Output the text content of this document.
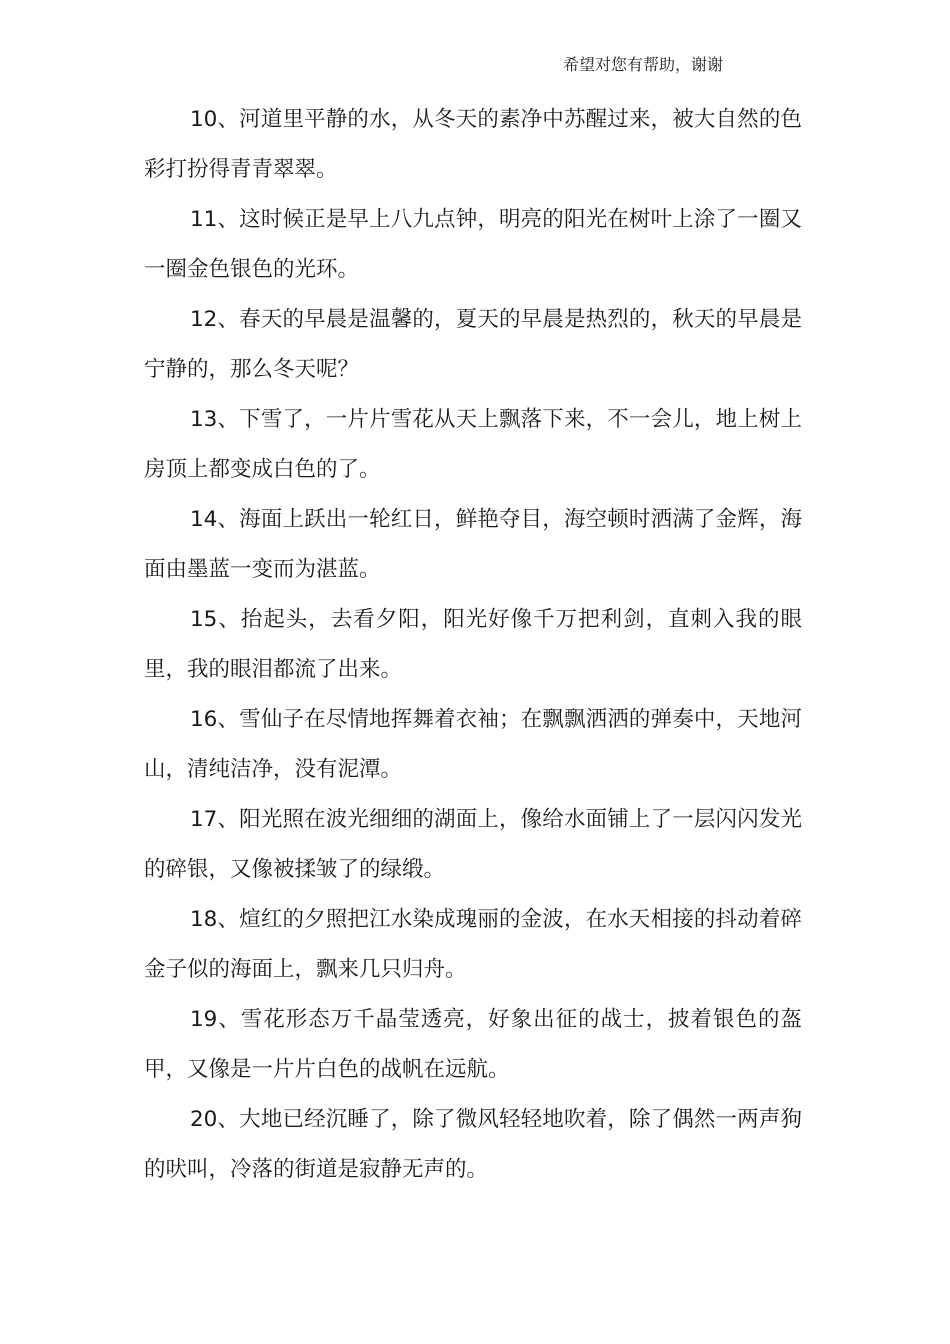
希望对您有帮助，谢谢

10、河道里平静的水，从冬天的素净中苏醒过来，被大自然的色彩打扮得青青翠翠。

11、这时候正是早上八九点钟，明亮的阳光在树叶上涂了一圈又一圈金色银色的光环。

12、春天的早晨是温馨的，夏天的早晨是热烈的，秋天的早晨是宁静的，那么冬天呢？

13、下雪了，一片片雪花从天上飘落下来，不一会儿，地上树上房顶上都变成白色的了。

14、海面上跃出一轮红日，鲜艳夺目，海空顿时洒满了金辉，海面由墨蓝一变而为湛蓝。

15、抬起头，去看夕阳，阳光好像千万把利剑，直刺入我的眼里，我的眼泪都流了出来。

16、雪仙子在尽情地挥舞着衣袖；在飘飘洒洒的弹奏中，天地河山，清纯洁净，没有泥潭。

17、阳光照在波光细细的湖面上，像给水面铺上了一层闪闪发光的碎银，又像被揉皱了的绿缎。

18、煊红的夕照把江水染成瑰丽的金波，在水天相接的抖动着碎金子似的海面上，飘来几只归舟。

19、雪花形态万千晶莹透亮，好象出征的战士，披着银色的盔甲，又像是一片片白色的战帆在远航。

20、大地已经沉睡了，除了微风轻轻地吹着，除了偶然一两声狗的吠叫，冷落的街道是寂静无声的。
